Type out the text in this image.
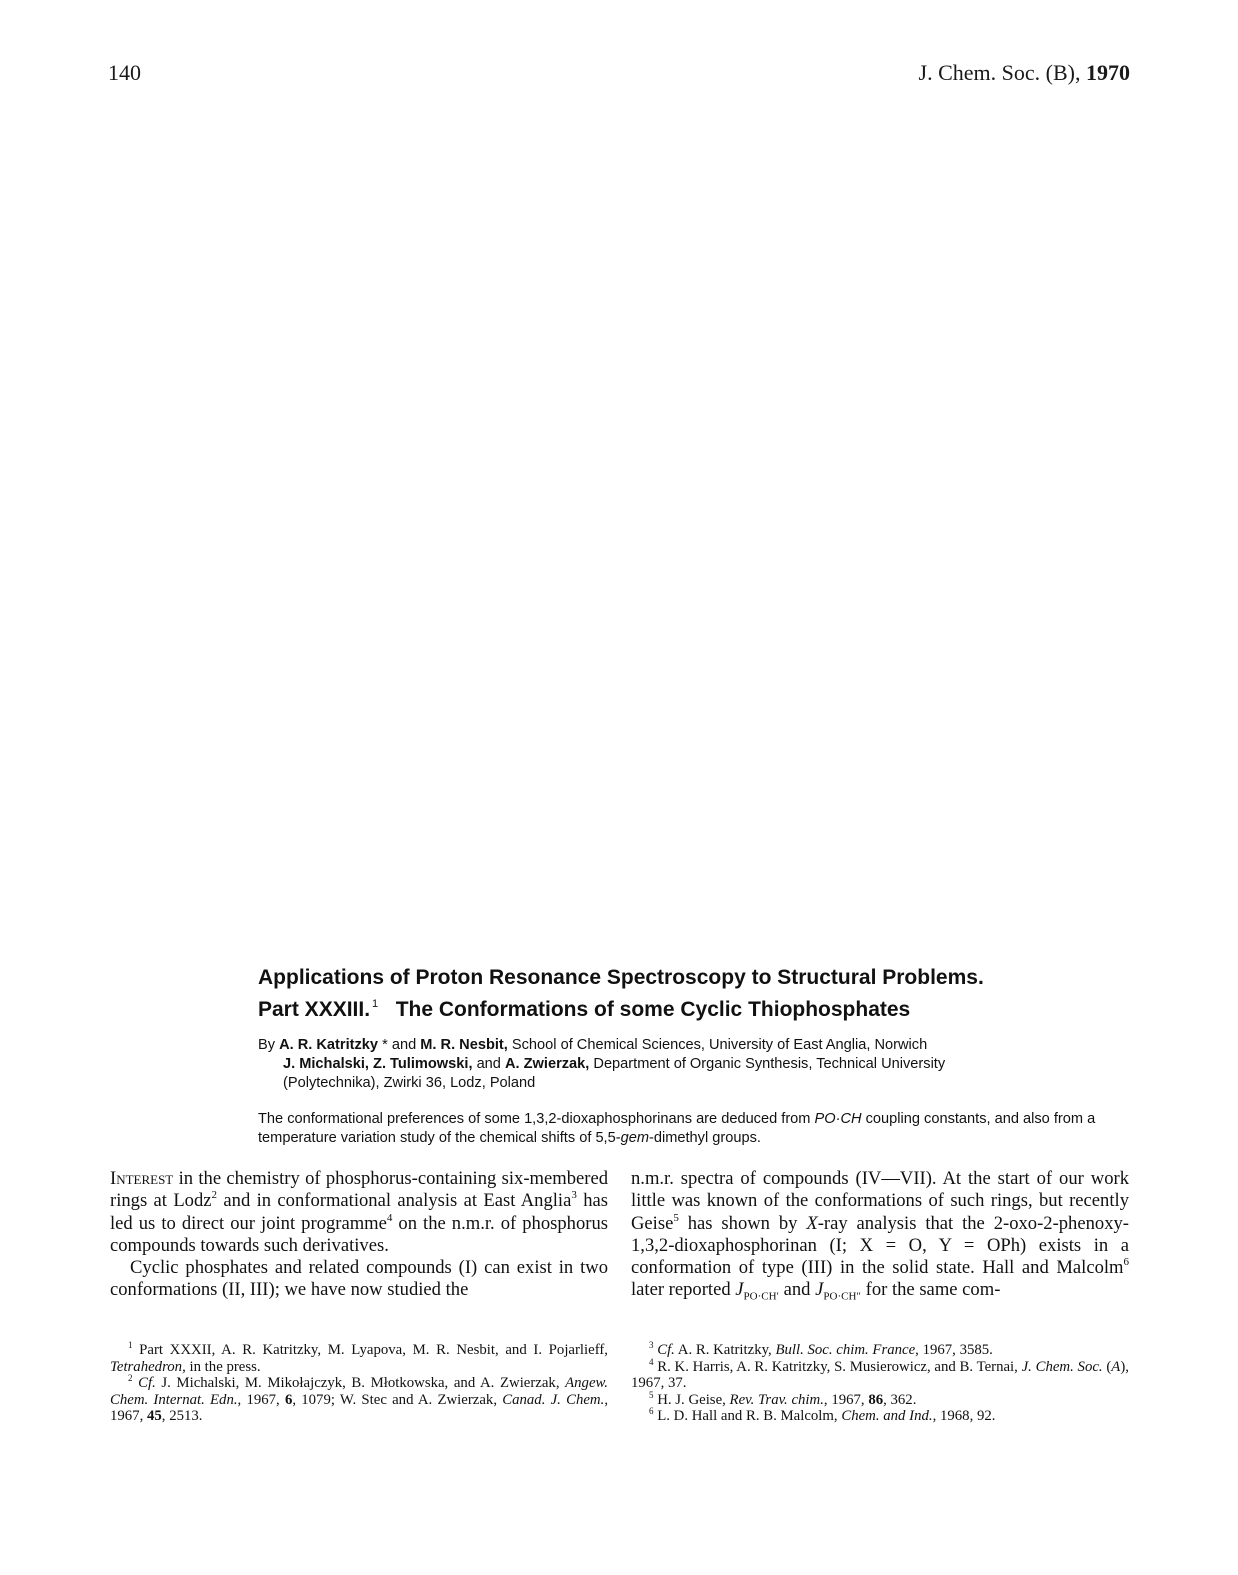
140	J. Chem. Soc. (B), 1970
Applications of Proton Resonance Spectroscopy to Structural Problems.
Part XXXIII. $^1$ The Conformations of some Cyclic Thiophosphates
By A. R. Katritzky * and M. R. Nesbit, School of Chemical Sciences, University of East Anglia, Norwich
J. Michalski, Z. Tulimowski, and A. Zwierzak, Department of Organic Synthesis, Technical University
(Polytechnika), Zwirki 36, Lodz, Poland
The conformational preferences of some 1,3,2-dioxaphosphorinans are deduced from PO·CH coupling constants, and also from a temperature variation study of the chemical shifts of 5,5-gem-dimethyl groups.

Interest in the chemistry of phosphorus-containing six-membered rings at Lodz$^2$ and in conformational analysis at East Anglia$^3$ has led us to direct our joint programme$^4$ on the n.m.r. of phosphorus compounds towards such derivatives.

Cyclic phosphates and related compounds (I) can exist in two conformations (II, III); we have now studied the

n.m.r. spectra of compounds (IV—VII). At the start of our work little was known of the conformations of such rings, but recently Geise$^5$ has shown by X-ray analysis that the 2-oxo-2-phenoxy-1,3,2-dioxaphosphorinan (I; X = O, Y = OPh) exists in a conformation of type (III) in the solid state. Hall and Malcolm$^6$ later reported $J_{PO\cdot CH'}$ and $J_{PO\cdot CH''}$ for the same com-

$^1$ Part XXXII, A. R. Katritzky, M. Lyapova, M. R. Nesbit, and I. Pojarlieff, Tetrahedron, in the press.

$^2$ Cf. J. Michalski, M. Mikołajczyk, B. Młotkowska, and A. Zwierzak, Angew. Chem. Internat. Edn., 1967, 6, 1079; W. Stec and A. Zwierzak, Canad. J. Chem., 1967, 45, 2513.

$^3$ Cf. A. R. Katritzky, Bull. Soc. chim. France, 1967, 3585.

$^4$ R. K. Harris, A. R. Katritzky, S. Musierowicz, and B. Ternai, J. Chem. Soc. (A), 1967, 37.

$^5$ H. J. Geise, Rev. Trav. chim., 1967, 86, 362.

$^6$ L. D. Hall and R. B. Malcolm, Chem. and Ind., 1968, 92.
